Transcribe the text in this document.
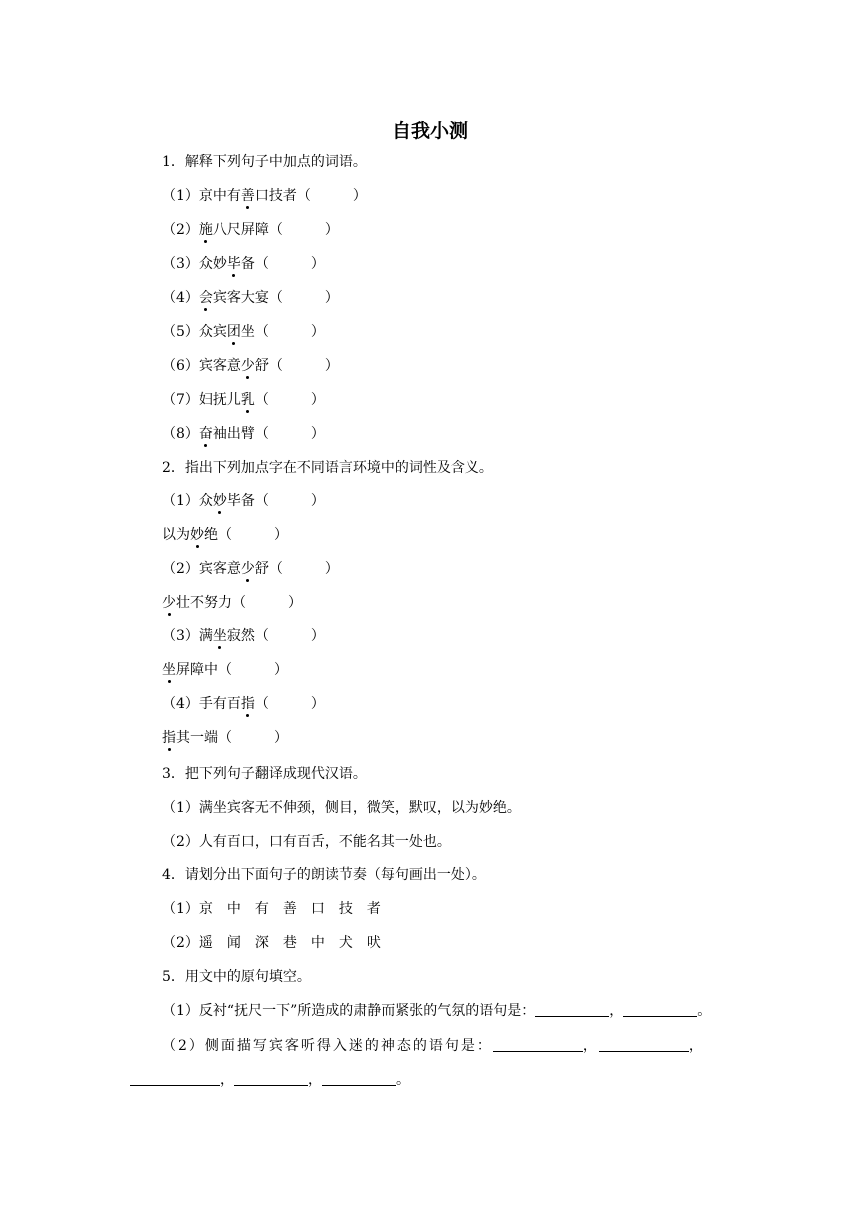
自我小测
1．解释下列句子中加点的词语。
（1）京中有善口技者（　　　）
（2）施八尺屏障（　　　）
（3）众妙毕备（　　　）
（4）会宾客大宴（　　　）
（5）众宾团坐（　　　）
（6）宾客意少舒（　　　）
（7）妇抚儿乳（　　　）
（8）奋袖出臂（　　　）
2．指出下列加点字在不同语言环境中的词性及含义。
（1）众妙毕备（　　　）
以为妙绝（　　　）
（2）宾客意少舒（　　　）
少壮不努力（　　　）
（3）满坐寂然（　　　）
坐屏障中（　　　）
（4）手有百指（　　　）
指其一端（　　　）
3．把下列句子翻译成现代汉语。
（1）满坐宾客无不伸颈，侧目，微笑，默叹，以为妙绝。
（2）人有百口，口有百舌，不能名其一处也。
4．请划分出下面句子的朗读节奏（每句画出一处）。
（1）京　中　有　善　口　技　者
（2）遥　闻　深　巷　中　犬　吠
5．用文中的原句填空。
（1）反衬“抚尺一下”所造成的肃静而紧张的气氛的语句是：	，	。
（2）侧面描写宾客听得入迷的神态的语句是：	，	，
，	，	。
